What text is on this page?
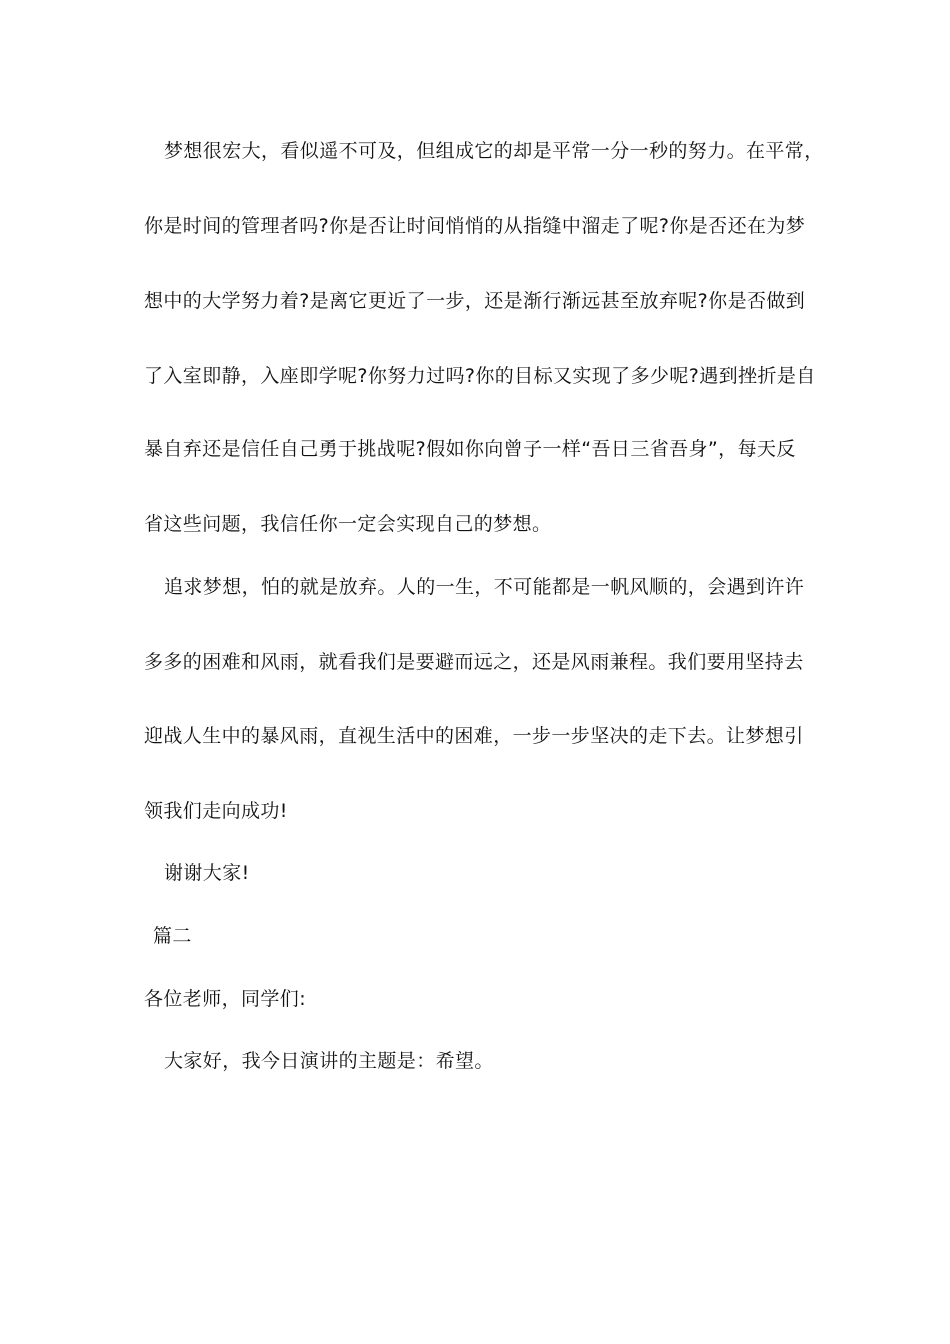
梦想很宏大，看似遥不可及，但组成它的却是平常一分一秒的努力。在平常，
你是时间的管理者吗?你是否让时间悄悄的从指缝中溜走了呢?你是否还在为梦
想中的大学努力着?是离它更近了一步，还是渐行渐远甚至放弃呢?你是否做到
了入室即静，入座即学呢?你努力过吗?你的目标又实现了多少呢?遇到挫折是自
暴自弃还是信任自己勇于挑战呢?假如你向曾子一样“吾日三省吾身”，每天反
省这些问题，我信任你一定会实现自己的梦想。
追求梦想，怕的就是放弃。人的一生，不可能都是一帆风顺的，会遇到许许
多多的困难和风雨，就看我们是要避而远之，还是风雨兼程。我们要用坚持去
迎战人生中的暴风雨，直视生活中的困难，一步一步坚决的走下去。让梦想引
领我们走向成功!
谢谢大家!
篇二
各位老师，同学们:
大家好，我今日演讲的主题是：希望。
